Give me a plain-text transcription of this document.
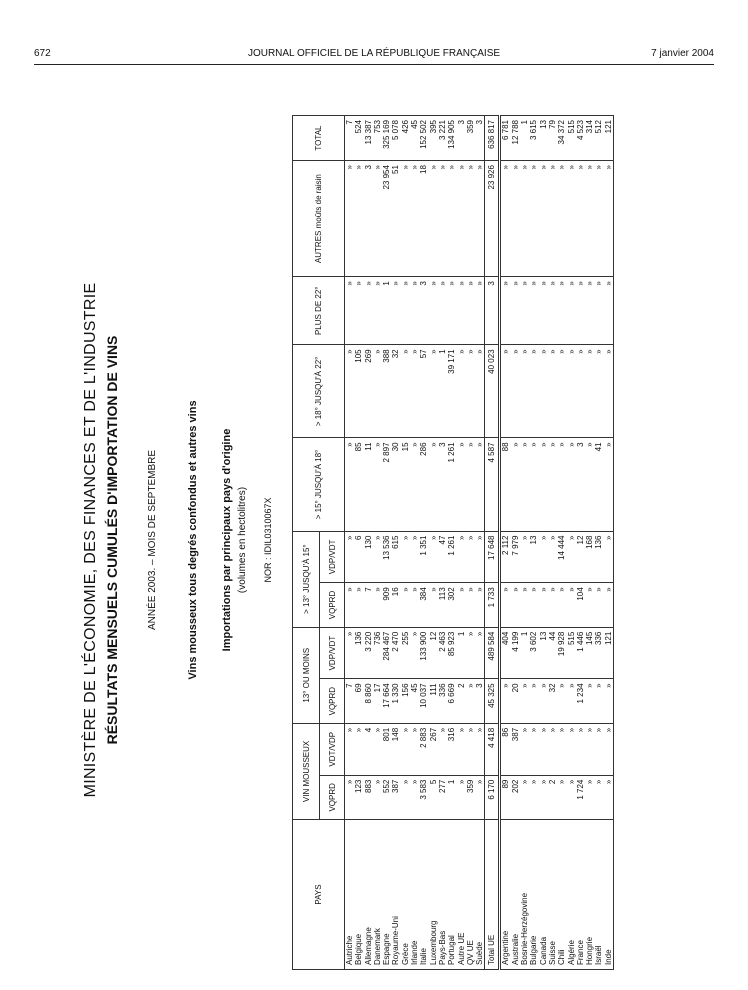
672	JOURNAL OFFICIEL DE LA RÉPUBLIQUE FRANÇAISE	7 janvier 2004
MINISTÈRE DE L'ÉCONOMIE, DES FINANCES ET DE L'INDUSTRIE RÉSULTATS MENSUELS CUMULÉS D'IMPORTATION DE VINS	ANNÉE 2003. – MOIS DE SEPTEMBRE	Vins mousseux tous degrés confondus et autres vins	Importations par principaux pays d'origine (volumes en hectolitres)	NOR : IDIL0310067X
PAYS	VIN MOUSSEUX		13° OU MOINS		> 13° JUSQU'À 15°		> 15° JUSQU'À 18°	> 18° JUSQU'À 22°	PLUS DE 22°	AUTRES moûts de raisin	TOTAL
	VQPRD	VDT/VDP	VQPRD	VDP/VDT	VQPRD	VDP/VDT					
Autriche	»	»	7	»	»	»	»	»	»	»	7
Belgique	123	»	69	136	»	6	85	105	»	»	524
Allemagne	883	4	8 860	3 220	7	130	11	269	»	3	13 387
Danemark	»	»	17	736	»	»	»	»	»	»	753
Espagne	552	801	17 664	284 467	909	13 536	2 897	388	1	23 954	325 169
Royaume-Uni	387	148	1 330	2 470	16	615	30	32	»	51	5 078
Grèce	»	»	156	255	»	»	15	»	»	»	426
Irlande	»	»	45	»	»	»	»	»	»	»	45
Italie	3 583	2 883	10 037	133 900	384	1 351	286	57	3	18	152 502
Luxembourg	5	267	111	12	»	»	»	»	»	»	395
Pays-Bas	277	»	336	2 463	113	47	3	1	»	»	3 221
Portugal	1	316	6 669	85 923	302	1 261	1 261	39 171	»	»	134 905
Autre UE	»	»	2	1	»	»	»	»	»	»	3
QV UE	359	»	»	»	»	»	»	»	»	»	359
Suède	»	»	3	»	»	»	»	»	»	»	3
Total UE	6 170	4 418	45 325	489 584	1 733	17 648	4 587	40 023	3	23 926	636 817
Argentine	89	86	»	404	»	2 112	88	»	»	»	6 781
Australie	202	387	20	4 199	»	7 979	»	»	»	»	12 788
Bosnie-Herzégovine	»	»	»	1	»	»	»	»	»	»	1
Bulgarie	»	»	»	3 602	»	13	»	»	»	»	3 615
Canada	»	»	»	13	»	»	»	»	»	»	13
Suisse	2	»	32	44	»	»	»	»	»	»	79
Chili	»	»	»	19 928	»	14 444	»	»	»	»	34 372
Algérie	»	»	»	515	»	»	»	»	»	»	515
France	1 724	»	1 234	1 446	104	12	3	»	»	»	4 523
Hongrie	»	»	»	145	»	168	»	»	»	»	314
Israël	»	»	»	336	»	136	41	»	»	»	512
Inde	»	»	»	121	»	»	»	»	»	»	121
